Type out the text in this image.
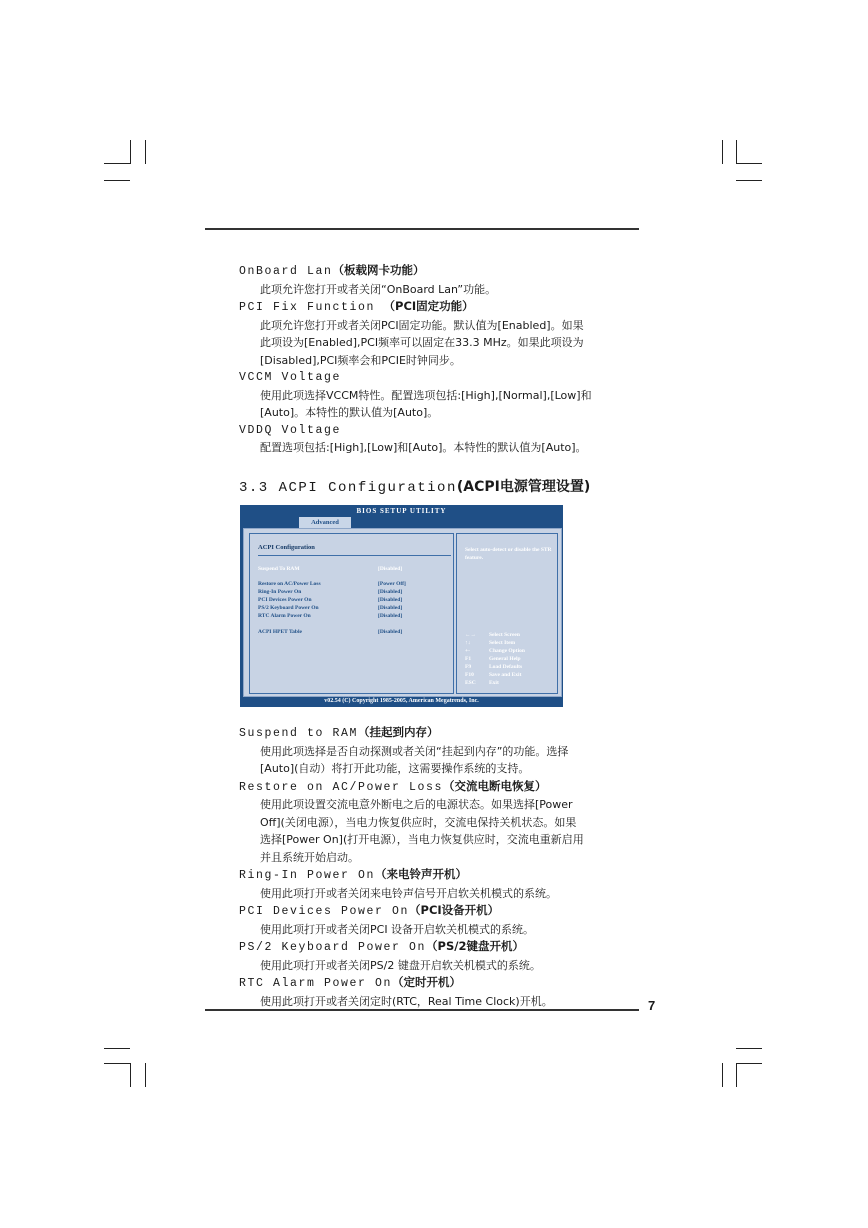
OnBoard Lan（板载网卡功能）

此项允许您打开或者关闭“OnBoard Lan”功能。

PCI Fix Function （PCI固定功能）

此项允许您打开或者关闭PCI固定功能。默认值为[Enabled]。如果

此项设为[Enabled],PCI频率可以固定在33.3 MHz。如果此项设为

[Disabled],PCI频率会和PCIE时钟同步。

VCCM Voltage

使用此项选择VCCM特性。配置选项包括:[High],[Normal],[Low]和

[Auto]。本特性的默认值为[Auto]。

VDDQ Voltage

配置选项包括:[High],[Low]和[Auto]。本特性的默认值为[Auto]。

3.3 ACPI Configuration(ACPI电源管理设置)

BIOS SETUP UTILITY
Advanced
ACPI Configuration
Suspend To RAM	[Disabled]
Restore on AC/Power Loss	[Power Off]
Ring-In Power On	[Disabled]
PCI Devices Power On	[Disabled]
PS/2 Keyboard Power On	[Disabled]
RTC Alarm Power On	[Disabled]
ACPI HPET Table	[Disabled]
Select auto-detect or disable the STR feature.
←→ Select Screen
↑↓	Select Item
+-	Change Option
F1	General Help
F9	Load Defaults
F10	Save and Exit
ESC Exit
v02.54 (C) Copyright 1985-2005, American Megatrends, Inc.

Suspend to RAM（挂起到内存）

使用此项选择是否自动探测或者关闭“挂起到内存”的功能。选择

[Auto](自动）将打开此功能，这需要操作系统的支持。

Restore on AC/Power Loss（交流电断电恢复）

使用此项设置交流电意外断电之后的电源状态。如果选择[Power

Off](关闭电源），当电力恢复供应时，交流电保持关机状态。如果

选择[Power On](打开电源），当电力恢复供应时，交流电重新启用

并且系统开始启动。

Ring-In Power On（来电铃声开机）

使用此项打开或者关闭来电铃声信号开启软关机模式的系统。

PCI Devices Power On（PCI设备开机）

使用此项打开或者关闭PCI 设备开启软关机模式的系统。

PS/2 Keyboard Power On（PS/2键盘开机）

使用此项打开或者关闭PS/2 键盘开启软关机模式的系统。

RTC Alarm Power On（定时开机）

使用此项打开或者关闭定时(RTC，Real Time Clock)开机。	7
